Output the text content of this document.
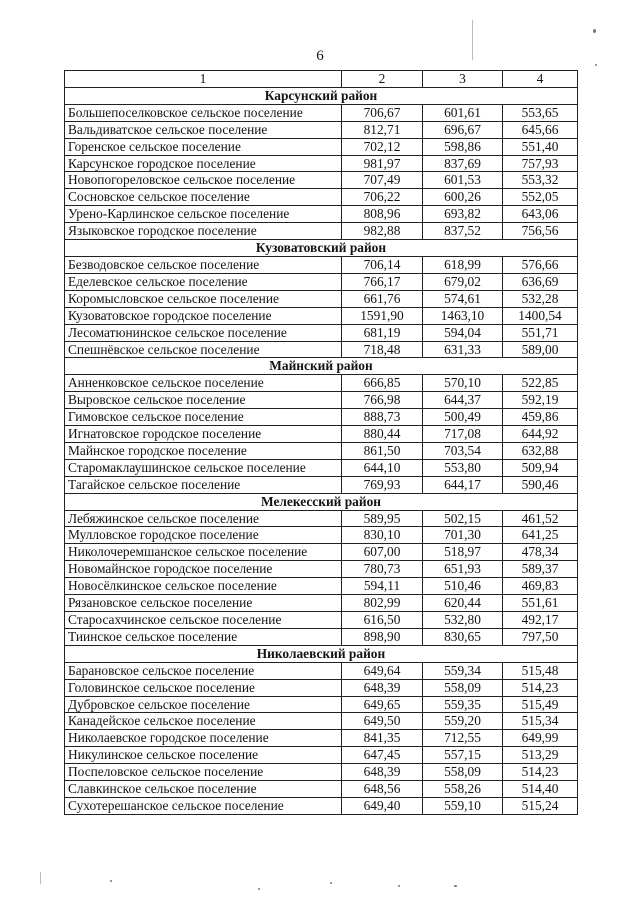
6
1	2	3	4
Карсунский район			
Большепоселковское сельское поселение	706,67	601,61	553,65
Вальдиватское сельское поселение	812,71	696,67	645,66
Горенское сельское поселение	702,12	598,86	551,40
Карсунское городское поселение	981,97	837,69	757,93
Новопогореловское сельское поселение	707,49	601,53	553,32
Сосновское сельское поселение	706,22	600,26	552,05
Урено-Карлинское сельское поселение	808,96	693,82	643,06
Языковское городское поселение	982,88	837,52	756,56
Кузоватовский район			
Безводовское сельское поселение	706,14	618,99	576,66
Еделевское сельское поселение	766,17	679,02	636,69
Коромысловское сельское поселение	661,76	574,61	532,28
Кузоватовское городское поселение	1591,90	1463,10	1400,54
Лесоматюнинское сельское поселение	681,19	594,04	551,71
Спешнёвское сельское поселение	718,48	631,33	589,00
Майнский район			
Анненковское сельское поселение	666,85	570,10	522,85
Выровское сельское поселение	766,98	644,37	592,19
Гимовское сельское поселение	888,73	500,49	459,86
Игнатовское городское поселение	880,44	717,08	644,92
Майнское городское поселение	861,50	703,54	632,88
Старомаклаушинское сельское поселение	644,10	553,80	509,94
Тагайское сельское поселение	769,93	644,17	590,46
Мелекесский район			
Лебяжинское сельское поселение	589,95	502,15	461,52
Мулловское городское поселение	830,10	701,30	641,25
Николочеремшанское сельское поселение	607,00	518,97	478,34
Новомайнское городское поселение	780,73	651,93	589,37
Новосёлкинское сельское поселение	594,11	510,46	469,83
Рязановское сельское поселение	802,99	620,44	551,61
Старосахчинское сельское поселение	616,50	532,80	492,17
Тиинское сельское поселение	898,90	830,65	797,50
Николаевский район			
Барановское сельское поселение	649,64	559,34	515,48
Головинское сельское поселение	648,39	558,09	514,23
Дубровское сельское поселение	649,65	559,35	515,49
Канадейское сельское поселение	649,50	559,20	515,34
Николаевское городское поселение	841,35	712,55	649,99
Никулинское сельское поселение	647,45	557,15	513,29
Поспеловское сельское поселение	648,39	558,09	514,23
Славкинское сельское поселение	648,56	558,26	514,40
Сухотерешанское сельское поселение	649,40	559,10	515,24
